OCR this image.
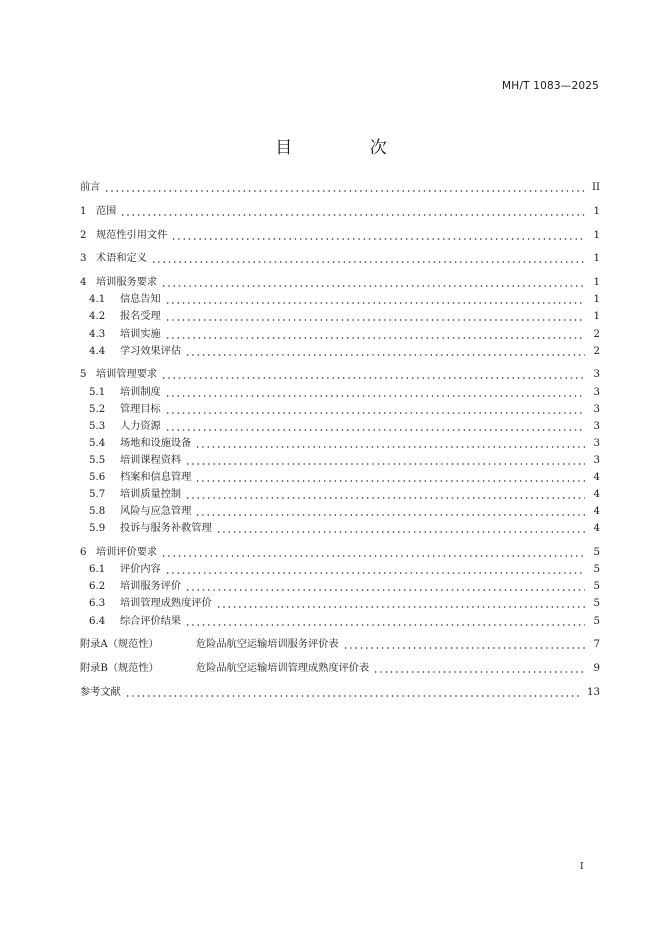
MH/T 1083—2025
目 次
前言	II
1 范围	1
2 规范性引用文件	1
3 术语和定义	1
4 培训服务要求	1
4.1	信息告知	1
4.2	报名受理	1
4.3	培训实施	2
4.4	学习效果评估	2
5 培训管理要求	3
5.1	培训制度	3
5.2	管理目标	3
5.3	人力资源	3
5.4	场地和设施设备	3
5.5	培训课程资料	3
5.6	档案和信息管理	4
5.7	培训质量控制	4
5.8	风险与应急管理	4
5.9	投诉与服务补救管理	4
6 培训评价要求	5
6.1	评价内容	5
6.2	培训服务评价	5
6.3	培训管理成熟度评价	5
6.4	综合评价结果	5
附录A（规范性）	危险品航空运输培训服务评价表	7
附录B（规范性）	危险品航空运输培训管理成熟度评价表	9
参考文献	13
I
